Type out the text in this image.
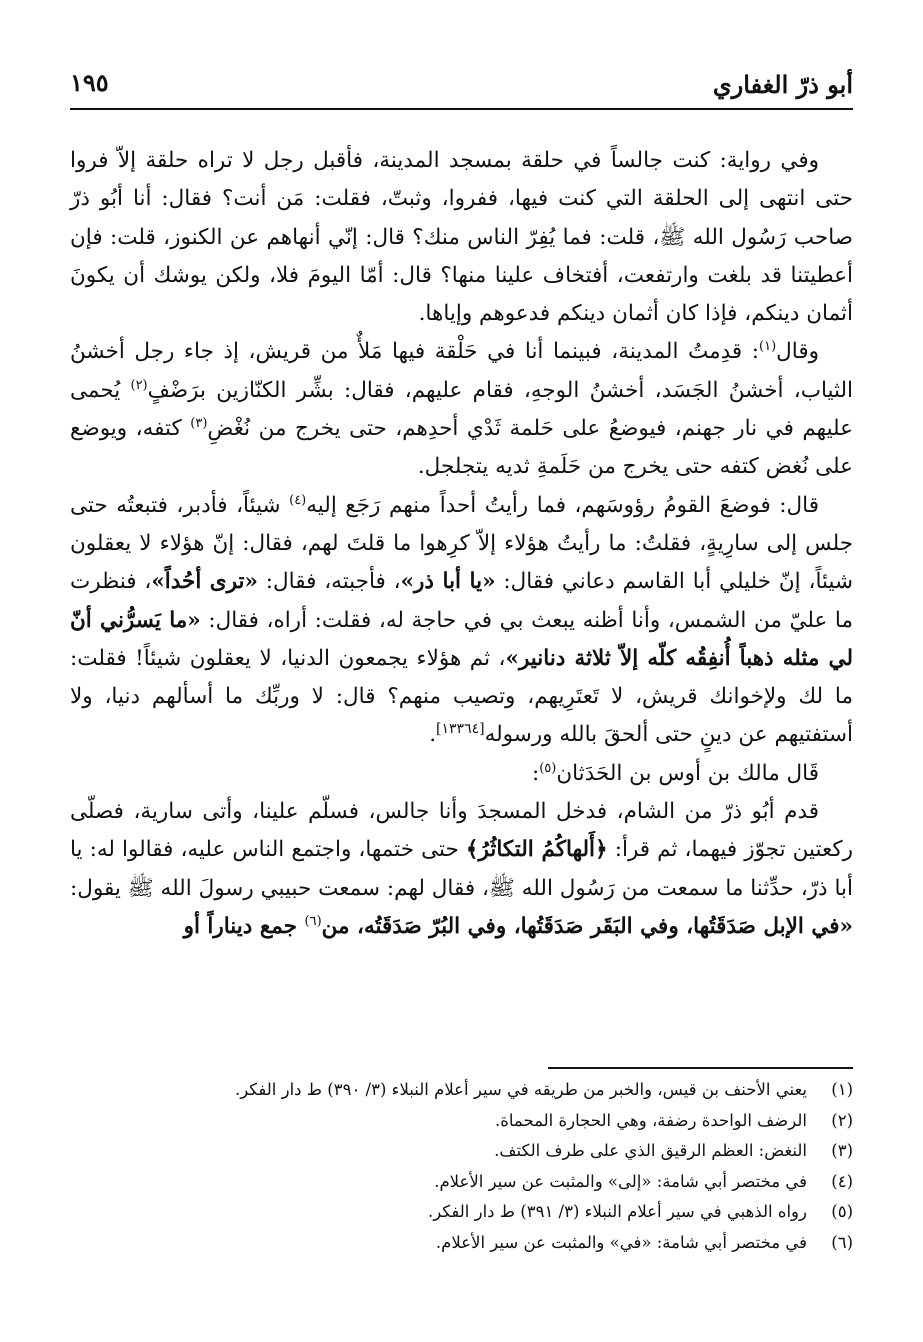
أبو ذرّ الغفاري
١٩٥

وفي رواية: كنت جالساً في حلقة بمسجد المدينة، فأقبل رجل لا تراه حلقة إلاّ فروا حتى انتهى إلى الحلقة التي كنت فيها، ففروا، وثبتّ، فقلت: مَن أنت؟ فقال: أنا أبُو ذرّ صاحب رَسُول الله ﷺ، قلت: فما يُفِرّ الناس منك؟ قال: إنّي أنهاهم عن الكنوز، قلت: فإن أعطيتنا قد بلغت وارتفعت، أفتخاف علينا منها؟ قال: أمّا اليومَ فلا، ولكن يوشك أن يكونَ أثمان دينكم، فإذا كان أثمان دينكم فدعوهم وإياها.

وقال$^{(١)}$: قدِمتُ المدينة، فبينما أنا في حَلْقة فيها مَلأٌ من قريش، إذ جاء رجل أخشنُ الثياب، أخشنُ الجَسَد، أخشنُ الوجهِ، فقام عليهم، فقال: بشِّر الكنّازين برَضْفٍ$^{(٢)}$ يُحمى عليهم في نار جهنم، فيوضعُ على حَلمة ثَدْي أحدِهم، حتى يخرج من نُغْضِ$^{(٣)}$ كتفه، ويوضع على نُغض كتفه حتى يخرج من حَلَمةِ ثديه يتجلجل.

قال: فوضعَ القومُ رؤوسَهم، فما رأيتُ أحداً منهم رَجَع إليه$^{(٤)}$ شيئاً، فأدبر، فتبعتُه حتى جلس إلى سارِيةٍ، فقلتُ: ما رأيتُ هؤلاء إلاّ كرِهوا ما قلتَ لهم، فقال: إنّ هؤلاء لا يعقلون شيئاً، إنّ خليلي أبا القاسم دعاني فقال: «يا أبا ذر»، فأجبته، فقال: «ترى أحُداً»، فنظرت ما عليّ من الشمس، وأنا أظنه يبعث بي في حاجة له، فقلت: أراه، فقال: «ما يَسرُّني أنّ لي مثله ذهباً أُنفِقُه كلّه إلاّ ثلاثة دنانير»، ثم هؤلاء يجمعون الدنيا، لا يعقلون شيئاً! فقلت: ما لك ولإخوانك قريش، لا تَعتَرِيهم، وتصيب منهم؟ قال: لا وربِّك ما أسألهم دنيا، ولا أستفتيهم عن دينٍ حتى ألحقَ بالله ورسوله[١٣٣٦٤].

قَال مالك بن أوس بن الحَدَثان$^{(٥)}$:

قدم أبُو ذرّ من الشام، فدخل المسجدَ وأنا جالس، فسلّم علينا، وأتى سارية، فصلّى ركعتين تجوّز فيهما، ثم قرأ: ﴿أَلهاكُمُ التكاثُرُ﴾ حتى ختمها، واجتمع الناس عليه، فقالوا له: يا أبا ذرّ، حدِّثنا ما سمعت من رَسُول الله ﷺ، فقال لهم: سمعت حبيبي رسولَ الله ﷺ يقول: «في الإبل صَدَقَتُها، وفي البَقَر صَدَقَتُها، وفي البُرّ صَدَقَتُه، من$^{(٦)}$ جمع ديناراً أو

(١)
يعني الأحنف بن قيس، والخبر من طريقه في سير أعلام النبلاء (٣/ ٣٩٠) ط دار الفكر.
(٢)
الرضف الواحدة رضفة، وهي الحجارة المحماة.
(٣)
النغض: العظم الرقيق الذي على طرف الكتف.
(٤)
في مختصر أبي شامة: «إلى» والمثبت عن سير الأعلام.
(٥)
رواه الذهبي في سير أعلام النبلاء (٣/ ٣٩١) ط دار الفكر.
(٦)
في مختصر أبي شامة: «في» والمثبت عن سير الأعلام.
